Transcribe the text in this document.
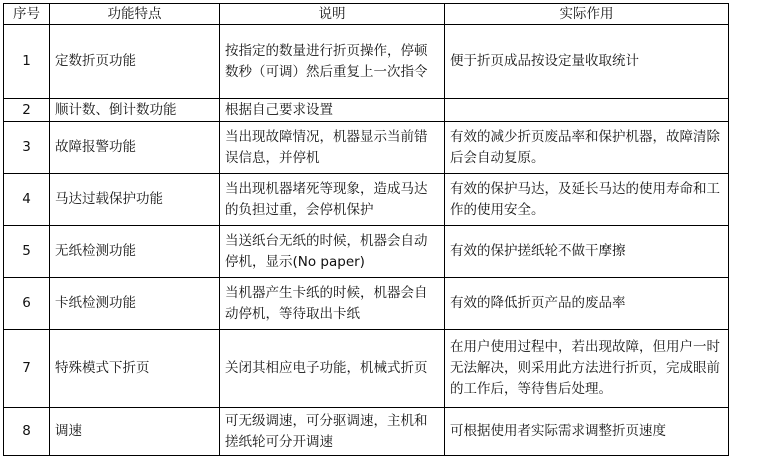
序号	功能特点	说明	实际作用
1	定数折页功能	按指定的数量进行折页操作，停顿数秒（可调）然后重复上一次指令	便于折页成品按设定量收取统计
2	顺计数、倒计数功能	根据自己要求设置	
3	故障报警功能	当出现故障情况，机器显示当前错误信息，并停机	有效的减少折页废品率和保护机器，故障清除后会自动复原。
4	马达过载保护功能	当出现机器堵死等现象，造成马达的负担过重，会停机保护	有效的保护马达，及延长马达的使用寿命和工作的使用安全。
5	无纸检测功能	当送纸台无纸的时候，机器会自动停机，显示(No paper)	有效的保护搓纸轮不做干摩擦
6	卡纸检测功能	当机器产生卡纸的时候，机器会自动停机，等待取出卡纸	有效的降低折页产品的废品率
7	特殊模式下折页	关闭其相应电子功能，机械式折页	在用户使用过程中，若出现故障，但用户一时无法解决，则采用此方法进行折页，完成眼前的工作后，等待售后处理。
8	调速	可无级调速，可分驱调速，主机和搓纸轮可分开调速	可根据使用者实际需求调整折页速度
